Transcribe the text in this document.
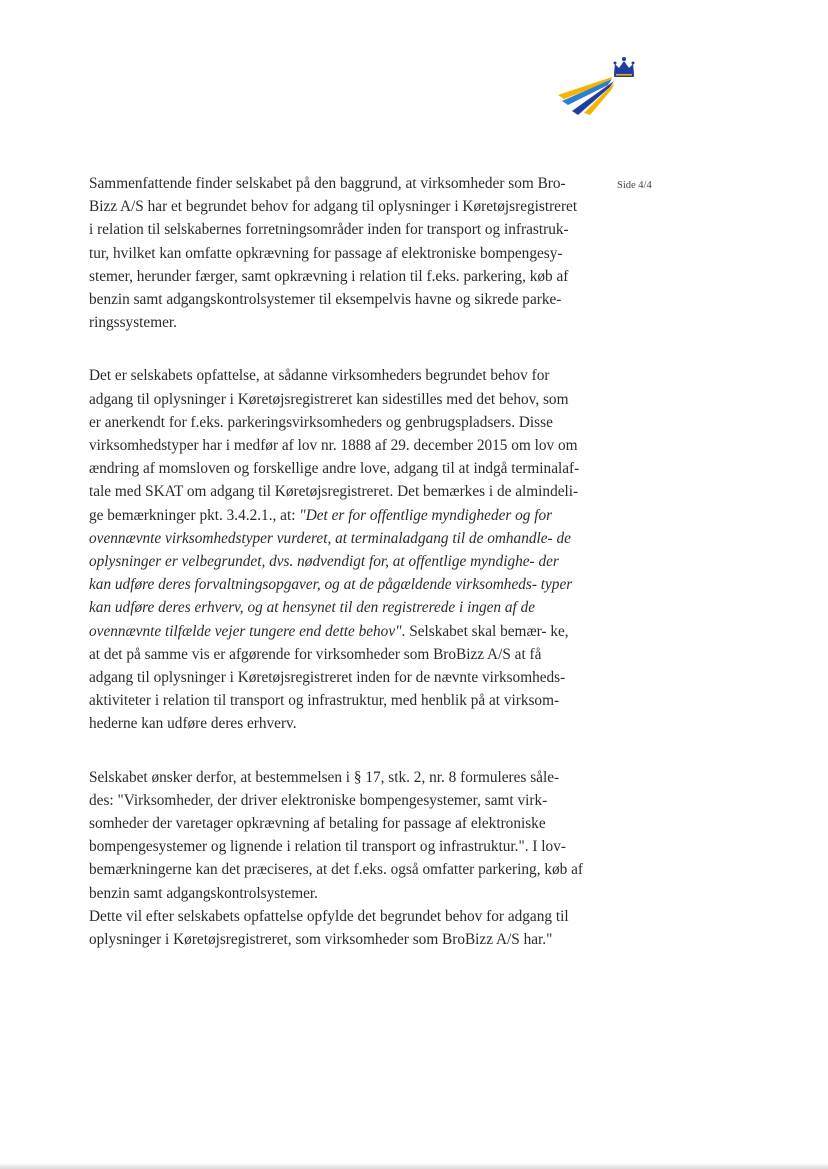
Side 4/4

Sammenfattende finder selskabet på den baggrund, at virksomheder som Bro- Bizz A/S har et begrundet behov for adgang til oplysninger i Køretøjsregistreret i relation til selskabernes forretningsområder inden for transport og infrastruk- tur, hvilket kan omfatte opkrævning for passage af elektroniske bompengesy- stemer, herunder færger, samt opkrævning i relation til f.eks. parkering, køb af benzin samt adgangskontrolsystemer til eksempelvis havne og sikrede parke- ringssystemer.

Det er selskabets opfattelse, at sådanne virksomheders begrundet behov for adgang til oplysninger i Køretøjsregistreret kan sidestilles med det behov, som er anerkendt for f.eks. parkeringsvirksomheders og genbrugspladsers. Disse virksomhedstyper har i medfør af lov nr. 1888 af 29. december 2015 om lov om ændring af momsloven og forskellige andre love, adgang til at indgå terminalaf- tale med SKAT om adgang til Køretøjsregistreret. Det bemærkes i de almindeli- ge bemærkninger pkt. 3.4.2.1., at: "Det er for offentlige myndigheder og for ovennævnte virksomhedstyper vurderet, at terminaladgang til de omhandle- de oplysninger er velbegrundet, dvs. nødvendigt for, at offentlige myndighe- der kan udføre deres forvaltningsopgaver, og at de pågældende virksomheds- typer kan udføre deres erhverv, og at hensynet til den registrerede i ingen af de ovennævnte tilfælde vejer tungere end dette behov". Selskabet skal bemær- ke, at det på samme vis er afgørende for virksomheder som BroBizz A/S at få adgang til oplysninger i Køretøjsregistreret inden for de nævnte virksomheds- aktiviteter i relation til transport og infrastruktur, med henblik på at virksom- hederne kan udføre deres erhverv.

Selskabet ønsker derfor, at bestemmelsen i § 17, stk. 2, nr. 8 formuleres såle- des: "Virksomheder, der driver elektroniske bompengesystemer, samt virk- somheder der varetager opkrævning af betaling for passage af elektroniske bompengesystemer og lignende i relation til transport og infrastruktur.". I lov- bemærkningerne kan det præciseres, at det f.eks. også omfatter parkering, køb af benzin samt adgangskontrolsystemer.

Dette vil efter selskabets opfattelse opfylde det begrundet behov for adgang til oplysninger i Køretøjsregistreret, som virksomheder som BroBizz A/S har."
